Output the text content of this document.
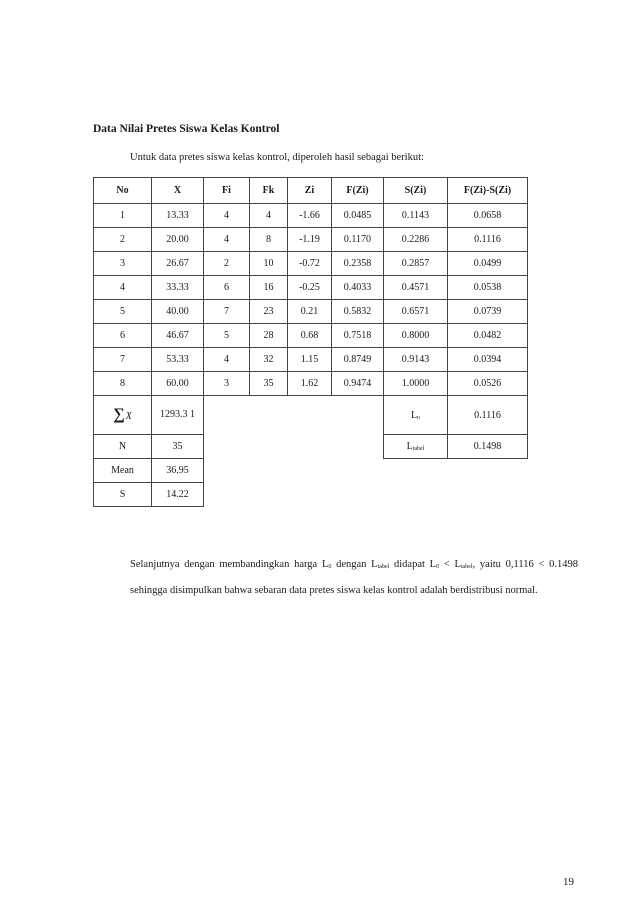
Data Nilai Pretes Siswa Kelas Kontrol
Untuk data pretes siswa kelas kontrol, diperoleh hasil sebagai berikut:
No	X	Fi	Fk	Zi	F(Zi)	S(Zi)	F(Zi)-S(Zi)
1	13.33	4	4	-1.66	0.0485	0.1143	0.0658
2	20.00	4	8	-1.19	0.1170	0.2286	0.1116
3	26.67	2	10	-0.72	0.2358	0.2857	0.0499
4	33.33	6	16	-0.25	0.4033	0.4571	0.0538
5	40.00	7	23	0.21	0.5832	0.6571	0.0739
6	46.67	5	28	0.68	0.7518	0.8000	0.0482
7	53.33	4	32	1.15	0.8749	0.9143	0.0394
8	60.00	3	35	1.62	0.9474	1.0000	0.0526
∑X	1293.3 1					Lo	0.1116
N	35					Ltabel	0.1498
Mean	36.95						
S	14.22						
Selanjutnya dengan membandingkan harga L0 dengan Ltabel didapat L0 < Ltabel, yaitu 0,1116 < 0.1498 sehingga disimpulkan bahwa sebaran data pretes siswa kelas kontrol adalah berdistribusi normal.
19
